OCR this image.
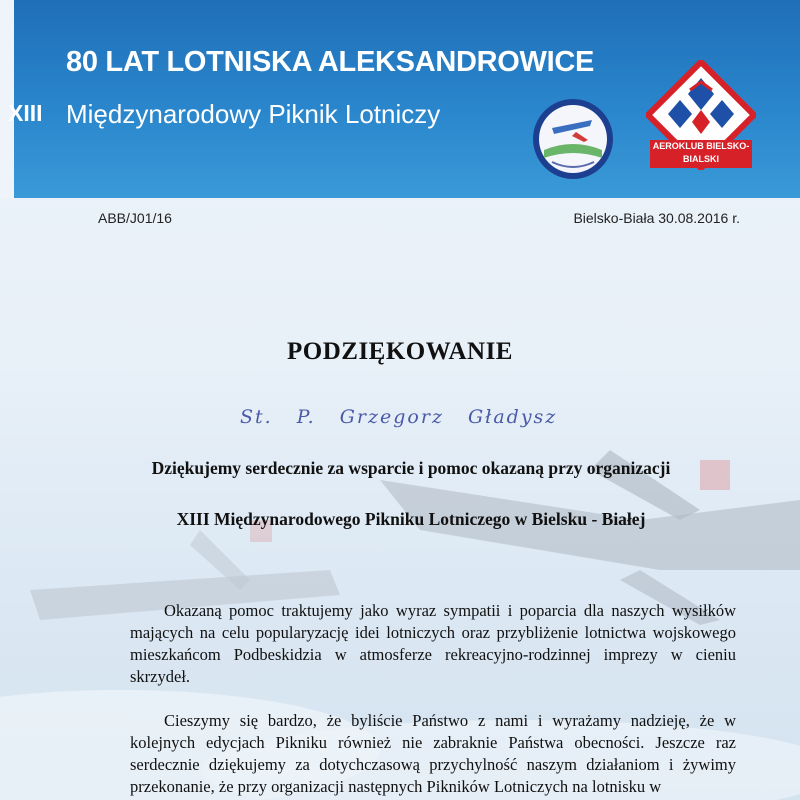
80 LAT LOTNISKA ALEKSANDROWICE
XIII Międzynarodowy Piknik Lotniczy
AEROKLUB BIELSKO-BIALSKI
ABB/J01/16	Bielsko-Biała 30.08.2016 r.
PODZIĘKOWANIE
St. P. Grzegorz Gładysz
Dziękujemy serdecznie za wsparcie i pomoc okazaną przy organizacji
XIII Międzynarodowego Pikniku Lotniczego w Bielsku - Białej
Okazaną pomoc traktujemy jako wyraz sympatii i poparcia dla naszych wysiłków mających na celu popularyzację idei lotniczych oraz przybliżenie lotnictwa wojskowego mieszkańcom Podbeskidzia w atmosferze rekreacyjno-rodzinnej imprezy w cieniu skrzydeł.
Cieszymy się bardzo, że byliście Państwo z nami i wyrażamy nadzieję, że w kolejnych edycjach Pikniku również nie zabraknie Państwa obecności. Jeszcze raz serdecznie dziękujemy za dotychczasową przychylność naszym działaniom i żywimy przekonanie, że przy organizacji następnych Pikników Lotniczych na lotnisku w
